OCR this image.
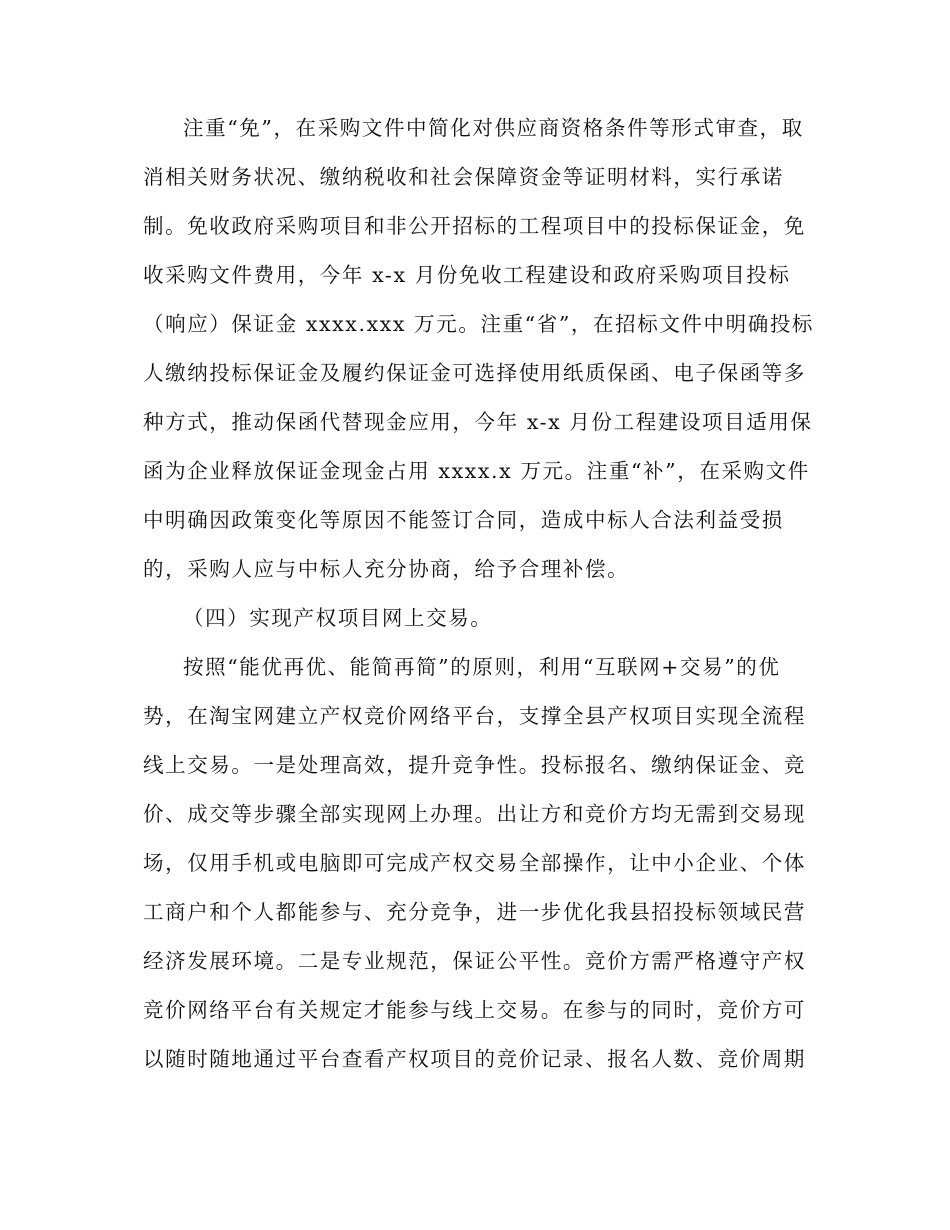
注重“免”，在采购文件中简化对供应商资格条件等形式审查，取
消相关财务状况、缴纳税收和社会保障资金等证明材料，实行承诺
制。免收政府采购项目和非公开招标的工程项目中的投标保证金，免
收采购文件费用，今年 x-x 月份免收工程建设和政府采购项目投标
（响应）保证金 xxxx.xxx 万元。注重“省”，在招标文件中明确投标
人缴纳投标保证金及履约保证金可选择使用纸质保函、电子保函等多
种方式，推动保函代替现金应用，今年 x-x 月份工程建设项目适用保
函为企业释放保证金现金占用 xxxx.x 万元。注重“补”，在采购文件
中明确因政策变化等原因不能签订合同，造成中标人合法利益受损
的，采购人应与中标人充分协商，给予合理补偿。
（四）实现产权项目网上交易。
按照“能优再优、能简再简”的原则，利用“互联网+交易”的优
势，在淘宝网建立产权竞价网络平台，支撑全县产权项目实现全流程
线上交易。一是处理高效，提升竞争性。投标报名、缴纳保证金、竞
价、成交等步骤全部实现网上办理。出让方和竞价方均无需到交易现
场，仅用手机或电脑即可完成产权交易全部操作，让中小企业、个体
工商户和个人都能参与、充分竞争，进一步优化我县招投标领域民营
经济发展环境。二是专业规范，保证公平性。竞价方需严格遵守产权
竞价网络平台有关规定才能参与线上交易。在参与的同时，竞价方可
以随时随地通过平台查看产权项目的竞价记录、报名人数、竞价周期
